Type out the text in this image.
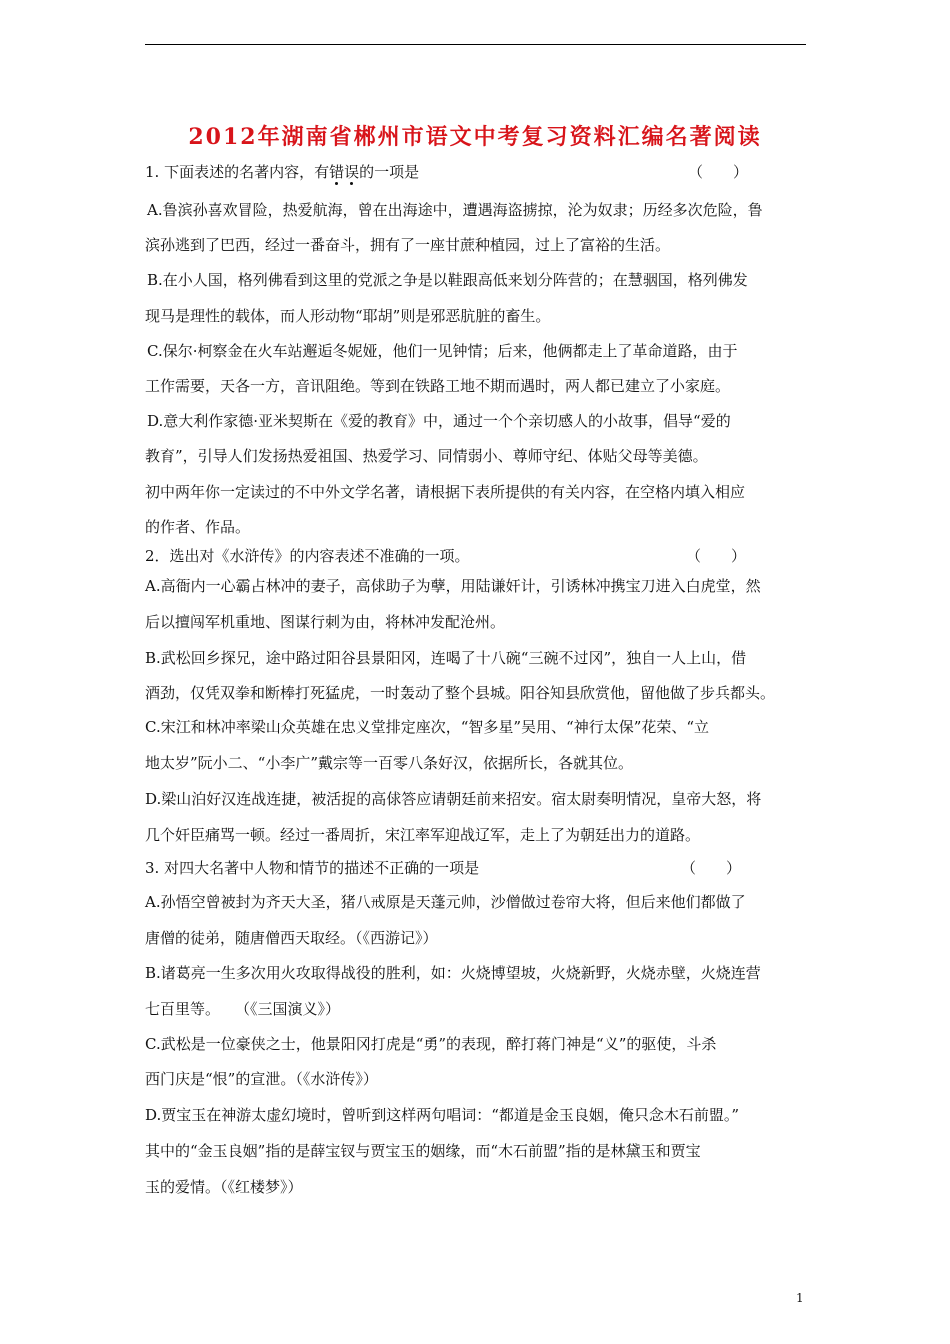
2012年湖南省郴州市语文中考复习资料汇编名著阅读
1. 下面表述的名著内容，有错误的一项是	（　　）
A.鲁滨孙喜欢冒险，热爱航海，曾在出海途中，遭遇海盗掳掠，沦为奴隶；历经多次危险，鲁
滨孙逃到了巴西，经过一番奋斗，拥有了一座甘蔗种植园，过上了富裕的生活。
B.在小人国，格列佛看到这里的党派之争是以鞋跟高低来划分阵营的；在慧骃国，格列佛发
现马是理性的载体，而人形动物“耶胡”则是邪恶肮脏的畜生。
C.保尔·柯察金在火车站邂逅冬妮娅，他们一见钟情；后来，他俩都走上了革命道路，由于
工作需要，天各一方，音讯阻绝。等到在铁路工地不期而遇时，两人都已建立了小家庭。
D.意大利作家德·亚米契斯在《爱的教育》中，通过一个个亲切感人的小故事，倡导“爱的
教育”，引导人们发扬热爱祖国、热爱学习、同情弱小、尊师守纪、体贴父母等美德。
初中两年你一定读过的不中外文学名著，请根据下表所提供的有关内容，在空格内填入相应
的作者、作品。
2．选出对《水浒传》的内容表述不准确的一项。	（　　）
A.高衙内一心霸占林冲的妻子，高俅助子为孽，用陆谦奸计，引诱林冲携宝刀进入白虎堂，然
后以擅闯军机重地、图谋行刺为由，将林冲发配沧州。
B.武松回乡探兄，途中路过阳谷县景阳冈，连喝了十八碗“三碗不过冈”，独自一人上山，借
酒劲，仅凭双拳和断棒打死猛虎，一时轰动了整个县城。阳谷知县欣赏他，留他做了步兵都头。
C.宋江和林冲率梁山众英雄在忠义堂排定座次，“智多星”吴用、“神行太保”花荣、“立
地太岁”阮小二、“小李广”戴宗等一百零八条好汉，依据所长，各就其位。
D.梁山泊好汉连战连捷，被活捉的高俅答应请朝廷前来招安。宿太尉奏明情况，皇帝大怒，将
几个奸臣痛骂一顿。经过一番周折，宋江率军迎战辽军，走上了为朝廷出力的道路。
3. 对四大名著中人物和情节的描述不正确的一项是	（　　）
A.孙悟空曾被封为齐天大圣，猪八戒原是天蓬元帅，沙僧做过卷帘大将，但后来他们都做了
唐僧的徒弟，随唐僧西天取经。（《西游记》）
B.诸葛亮一生多次用火攻取得战役的胜利，如：火烧博望坡，火烧新野，火烧赤壁，火烧连营
七百里等。　　（《三国演义》）
C.武松是一位豪侠之士，他景阳冈打虎是“勇”的表现，醉打蒋门神是“义”的驱使，斗杀
西门庆是“恨”的宣泄。（《水浒传》）
D.贾宝玉在神游太虚幻境时，曾听到这样两句唱词：“都道是金玉良姻，俺只念木石前盟。”
其中的“金玉良姻”指的是薛宝钗与贾宝玉的姻缘，而“木石前盟”指的是林黛玉和贾宝
玉的爱情。（《红楼梦》）
1
